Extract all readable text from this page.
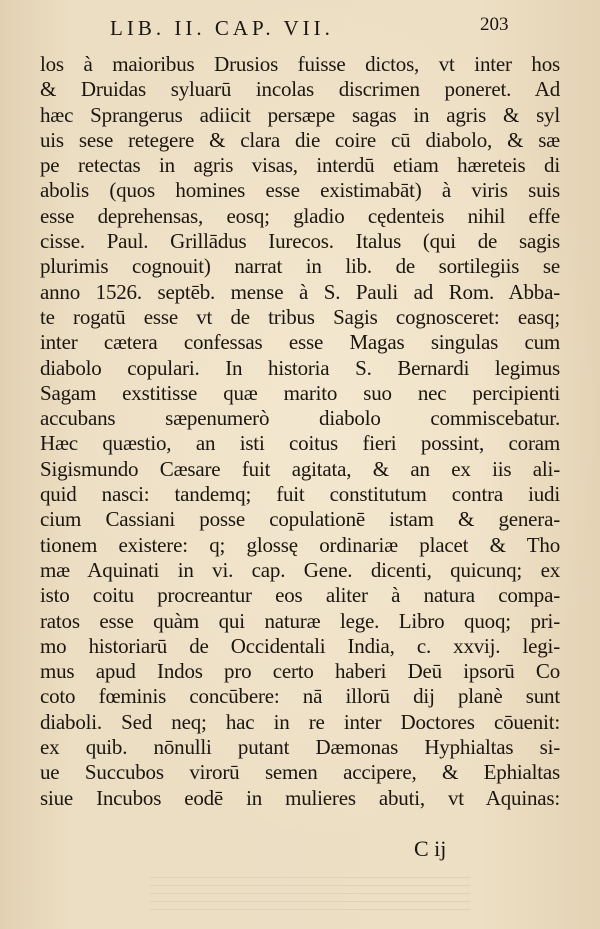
LIB. II. CAP. VII.	203
los à maioribus Drusios fuisse dictos, vt inter hos
& Druidas syluarū incolas discrimen poneret. Ad
hæc Sprangerus adiicit persæpe sagas in agris & syl
uis sese retegere & clara die coire cū diabolo, & sæ
pe retectas in agris visas, interdū etiam hæreteis di
abolis (quos homines esse existimabāt) à viris suis
esse deprehensas, eosq; gladio cędenteis nihil effe
cisse. Paul. Grillādus Iurecos. Italus (qui de sagis
plurimis cognouit) narrat in lib. de sortilegiis se
anno 1526. septēb. mense à S. Pauli ad Rom. Abba-
te rogatū esse vt de tribus Sagis cognosceret: easq;
inter cætera confessas esse Magas singulas cum
diabolo copulari. In historia S. Bernardi legimus
Sagam exstitisse quæ marito suo nec percipienti
accubans sæpenumerò diabolo commiscebatur.
Hæc quæstio, an isti coitus fieri possint, coram
Sigismundo Cæsare fuit agitata, & an ex iis ali-
quid nasci: tandemq; fuit constitutum contra iudi
cium Cassiani posse copulationē istam & genera-
tionem existere: q; glossę ordinariæ placet & Tho
mæ Aquinati in vi. cap. Gene. dicenti, quicunq; ex
isto coitu procreantur eos aliter à natura compa-
ratos esse quàm qui naturæ lege. Libro quoq; pri-
mo historiarū de Occidentali India, c. xxvij. legi-
mus apud Indos pro certo haberi Deū ipsorū Co
coto fœminis concūbere: nā illorū dij planè sunt
diaboli. Sed neq; hac in re inter Doctores cōuenit:
ex quib. nōnulli putant Dæmonas Hyphialtas si-
ue Succubos virorū semen accipere, & Ephialtas
siue Incubos eodē in mulieres abuti, vt Aquinas:
C ij
